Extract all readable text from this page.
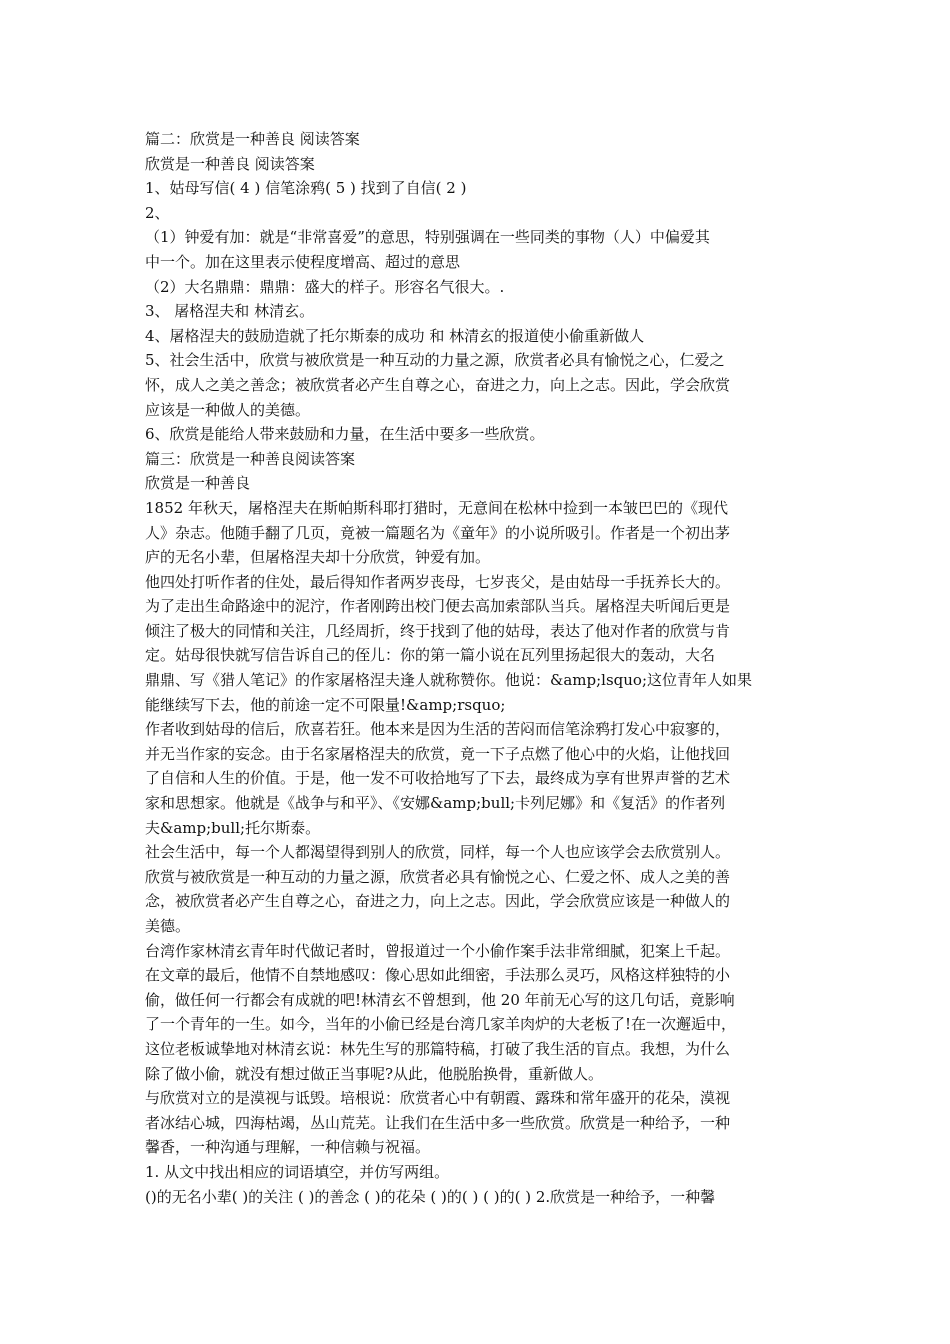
篇二：欣赏是一种善良 阅读答案
欣赏是一种善良 阅读答案
1、姑母写信( 4 ) 信笔涂鸦( 5 ) 找到了自信( 2 )
2、
（1）钟爱有加：就是“非常喜爱”的意思，特别强调在一些同类的事物（人）中偏爱其
中一个。加在这里表示使程度增高、超过的意思
（2）大名鼎鼎：鼎鼎：盛大的样子。形容名气很大。.
3、 屠格涅夫和 林清玄。
4、屠格涅夫的鼓励造就了托尔斯泰的成功 和 林清玄的报道使小偷重新做人
5、社会生活中，欣赏与被欣赏是一种互动的力量之源，欣赏者必具有愉悦之心，仁爱之
怀，成人之美之善念；被欣赏者必产生自尊之心，奋进之力，向上之志。因此，学会欣赏
应该是一种做人的美德。
6、欣赏是能给人带来鼓励和力量，在生活中要多一些欣赏。
篇三：欣赏是一种善良阅读答案
欣赏是一种善良
1852 年秋天，屠格涅夫在斯帕斯科耶打猎时，无意间在松林中捡到一本皱巴巴的《现代
人》杂志。他随手翻了几页，竟被一篇题名为《童年》的小说所吸引。作者是一个初出茅
庐的无名小辈，但屠格涅夫却十分欣赏，钟爱有加。
他四处打听作者的住处，最后得知作者两岁丧母，七岁丧父，是由姑母一手抚养长大的。
为了走出生命路途中的泥泞，作者刚跨出校门便去高加索部队当兵。屠格涅夫听闻后更是
倾注了极大的同情和关注，几经周折，终于找到了他的姑母，表达了他对作者的欣赏与肯
定。姑母很快就写信告诉自己的侄儿：你的第一篇小说在瓦列里扬起很大的轰动，大名
鼎鼎、写《猎人笔记》的作家屠格涅夫逢人就称赞你。他说：&amp;lsquo;这位青年人如果
能继续写下去，他的前途一定不可限量!&amp;rsquo;
作者收到姑母的信后，欣喜若狂。他本来是因为生活的苦闷而信笔涂鸦打发心中寂寥的，
并无当作家的妄念。由于名家屠格涅夫的欣赏，竟一下子点燃了他心中的火焰，让他找回
了自信和人生的价值。于是，他一发不可收拾地写了下去，最终成为享有世界声誉的艺术
家和思想家。他就是《战争与和平》、《安娜&amp;bull;卡列尼娜》和《复活》的作者列
夫&amp;bull;托尔斯泰。
社会生活中，每一个人都渴望得到别人的欣赏，同样，每一个人也应该学会去欣赏别人。
欣赏与被欣赏是一种互动的力量之源，欣赏者必具有愉悦之心、仁爱之怀、成人之美的善
念，被欣赏者必产生自尊之心，奋进之力，向上之志。因此，学会欣赏应该是一种做人的
美德。
台湾作家林清玄青年时代做记者时，曾报道过一个小偷作案手法非常细腻，犯案上千起。
在文章的最后，他情不自禁地感叹：像心思如此细密，手法那么灵巧，风格这样独特的小
偷，做任何一行都会有成就的吧!林清玄不曾想到，他 20 年前无心写的这几句话，竟影响
了一个青年的一生。如今，当年的小偷已经是台湾几家羊肉炉的大老板了!在一次邂逅中，
这位老板诚挚地对林清玄说：林先生写的那篇特稿，打破了我生活的盲点。我想，为什么
除了做小偷，就没有想过做正当事呢?从此，他脱胎换骨，重新做人。
与欣赏对立的是漠视与诋毁。培根说：欣赏者心中有朝霞、露珠和常年盛开的花朵，漠视
者冰结心城，四海枯竭，丛山荒芜。让我们在生活中多一些欣赏。欣赏是一种给予，一种
馨香，一种沟通与理解，一种信赖与祝福。
1. 从文中找出相应的词语填空，并仿写两组。
()的无名小辈( )的关注 ( )的善念 ( )的花朵 ( )的( ) ( )的( ) 2.欣赏是一种给予，一种馨
